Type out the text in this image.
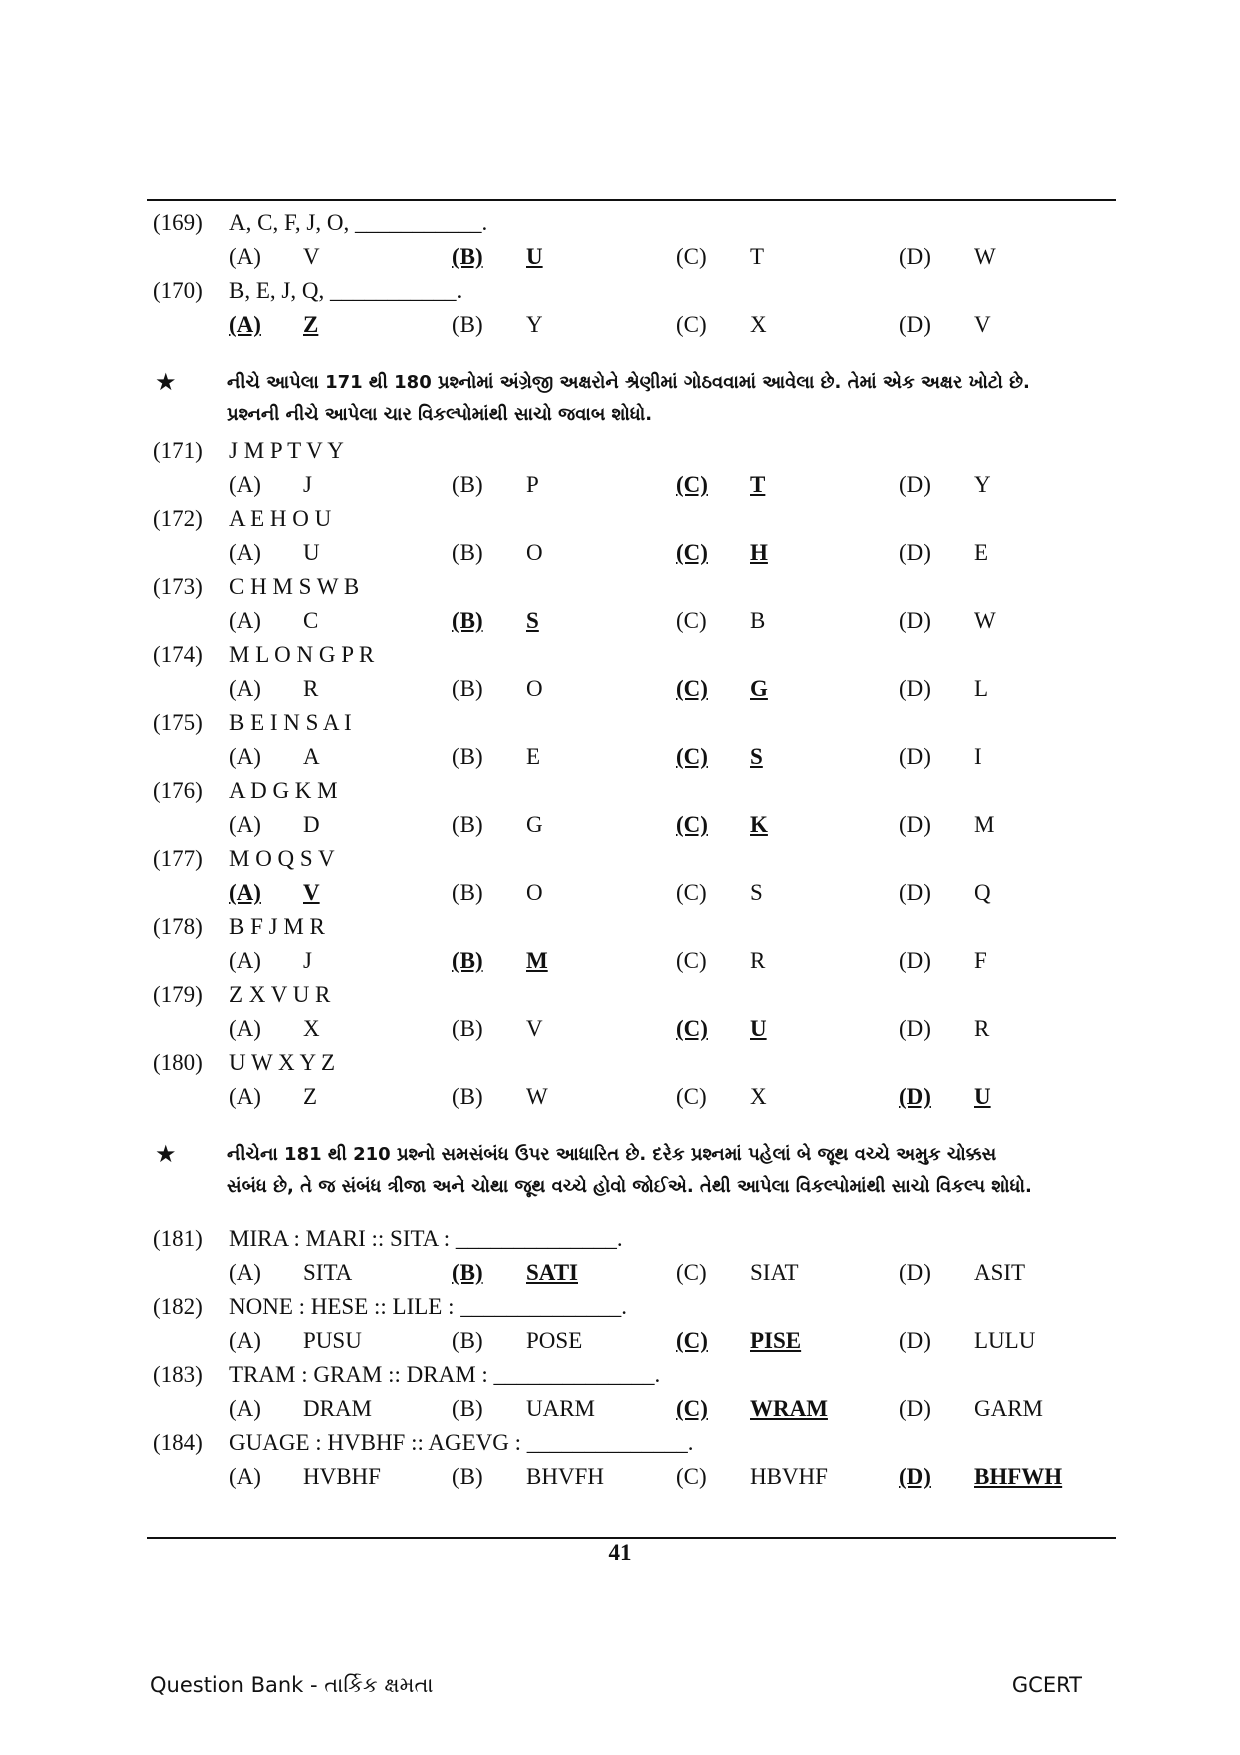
(169) A, C, F, J, O, ___________.
(A) V	(B) U	(C) T	(D) W
(170) B, E, J, Q, ___________.
(A) Z	(B) Y	(C) X	(D) V
★	નીચે આપેલા 171 થી 180 પ્રશ્નોમાં અંગ્રેજી અક્ષરોને શ્રેણીમાં ગોઠવવામાં આવેલા છે. તેમાં એક અક્ષર ખોટો છે.
પ્રશ્નની નીચે આપેલા ચાર વિકલ્પોમાંથી સાચો જવાબ શોધો.
(171) J M P T V Y
(A) J	(B) P	(C) T	(D) Y
(172) A E H O U
(A) U	(B) O	(C) H	(D) E
(173) C H M S W B
(A) C	(B) S	(C) B	(D) W
(174) M L O N G P R
(A) R	(B) O	(C) G	(D) L
(175) B E I N S A I
(A) A	(B) E	(C) S	(D) I
(176) A D G K M
(A) D	(B) G	(C) K	(D) M
(177) M O Q S V
(A) V	(B) O	(C) S	(D) Q
(178) B F J M R
(A) J	(B) M	(C) R	(D) F
(179) Z X V U R
(A) X	(B) V	(C) U	(D) R
(180) U W X Y Z
(A) Z	(B) W	(C) X	(D) U
★	નીચેના 181 થી 210 પ્રશ્નો સમસંબંધ ઉપર આધારિત છે. દરેક પ્રશ્નમાં પહેલાં બે જૂથ વચ્ચે અમુક ચોક્કસ
સંબંધ છે, તે જ સંબંધ ત્રીજા અને ચોથા જૂથ વચ્ચે હોવો જોઈએ. તેથી આપેલા વિકલ્પોમાંથી સાચો વિકલ્પ શોધો.
(181) MIRA : MARI :: SITA : ______________.
(A) SITA	(B) SATI	(C) SIAT	(D) ASIT
(182) NONE : HESE :: LILE : ______________.
(A) PUSU	(B) POSE	(C) PISE	(D) LULU
(183) TRAM : GRAM :: DRAM : ______________.
(A) DRAM	(B) UARM	(C) WRAM	(D) GARM
(184) GUAGE : HVBHF :: AGEVG : ______________.
(A) HVBHF	(B) BHVFH	(C) HBVHF	(D) BHFWH
41
Question Bank - તાર્કિક ક્ષમતા	GCERT
